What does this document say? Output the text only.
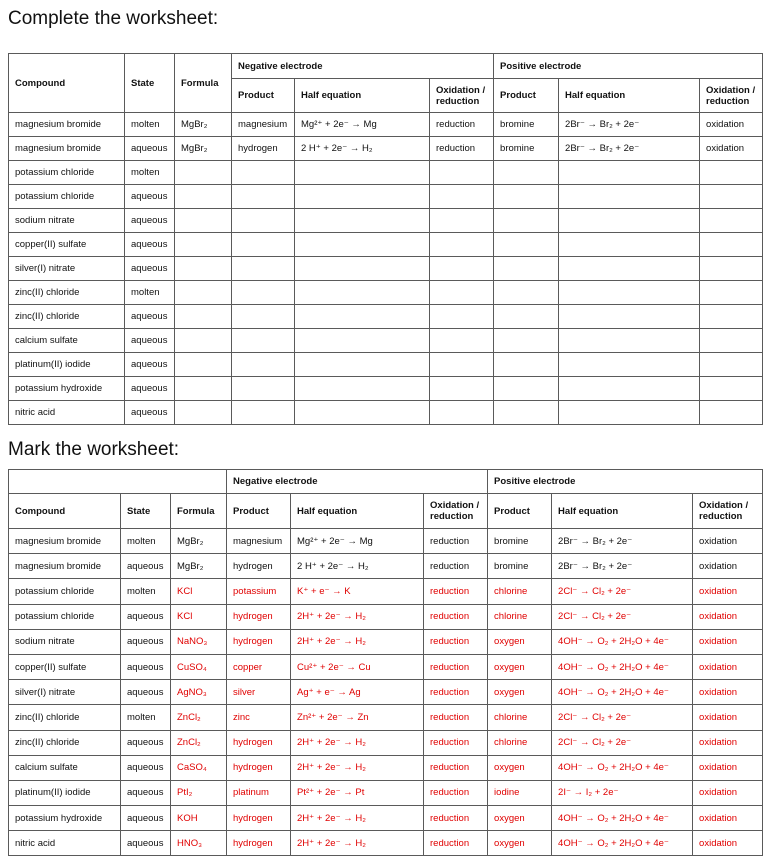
Complete the worksheet:
Compound	State	Formula	Negative electrode			Positive electrode		
			Product	Half equation	Oxidation / reduction	Product	Half equation	Oxidation / reduction
magnesium bromide	molten	MgBr₂	magnesium	Mg²⁺ + 2e⁻ → Mg	reduction	bromine	2Br⁻ → Br₂ + 2e⁻	oxidation
magnesium bromide	aqueous	MgBr₂	hydrogen	2 H⁺ + 2e⁻ → H₂	reduction	bromine	2Br⁻ → Br₂ + 2e⁻	oxidation
potassium chloride	molten							
potassium chloride	aqueous							
sodium nitrate	aqueous							
copper(II) sulfate	aqueous							
silver(I) nitrate	aqueous							
zinc(II) chloride	molten							
zinc(II) chloride	aqueous							
calcium sulfate	aqueous							
platinum(II) iodide	aqueous							
potassium hydroxide	aqueous							
nitric acid	aqueous							
Mark the worksheet:
			Negative electrode			Positive electrode		
Compound	State	Formula	Product	Half equation	Oxidation / reduction	Product	Half equation	Oxidation / reduction
magnesium bromide	molten	MgBr₂	magnesium	Mg²⁺ + 2e⁻ → Mg	reduction	bromine	2Br⁻ → Br₂ + 2e⁻	oxidation
magnesium bromide	aqueous	MgBr₂	hydrogen	2 H⁺ + 2e⁻ → H₂	reduction	bromine	2Br⁻ → Br₂ + 2e⁻	oxidation
potassium chloride	molten	KCl	potassium	K⁺ + e⁻ → K	reduction	chlorine	2Cl⁻ → Cl₂ + 2e⁻	oxidation
potassium chloride	aqueous	KCl	hydrogen	2H⁺ + 2e⁻ → H₂	reduction	chlorine	2Cl⁻ → Cl₂ + 2e⁻	oxidation
sodium nitrate	aqueous	NaNO₃	hydrogen	2H⁺ + 2e⁻ → H₂	reduction	oxygen	4OH⁻ → O₂ + 2H₂O + 4e⁻	oxidation
copper(II) sulfate	aqueous	CuSO₄	copper	Cu²⁺ + 2e⁻ → Cu	reduction	oxygen	4OH⁻ → O₂ + 2H₂O + 4e⁻	oxidation
silver(I) nitrate	aqueous	AgNO₃	silver	Ag⁺ + e⁻ → Ag	reduction	oxygen	4OH⁻ → O₂ + 2H₂O + 4e⁻	oxidation
zinc(II) chloride	molten	ZnCl₂	zinc	Zn²⁺ + 2e⁻ → Zn	reduction	chlorine	2Cl⁻ → Cl₂ + 2e⁻	oxidation
zinc(II) chloride	aqueous	ZnCl₂	hydrogen	2H⁺ + 2e⁻ → H₂	reduction	chlorine	2Cl⁻ → Cl₂ + 2e⁻	oxidation
calcium sulfate	aqueous	CaSO₄	hydrogen	2H⁺ + 2e⁻ → H₂	reduction	oxygen	4OH⁻ → O₂ + 2H₂O + 4e⁻	oxidation
platinum(II) iodide	aqueous	PtI₂	platinum	Pt²⁺ + 2e⁻ → Pt	reduction	iodine	2I⁻ → I₂ + 2e⁻	oxidation
potassium hydroxide	aqueous	KOH	hydrogen	2H⁺ + 2e⁻ → H₂	reduction	oxygen	4OH⁻ → O₂ + 2H₂O + 4e⁻	oxidation
nitric acid	aqueous	HNO₃	hydrogen	2H⁺ + 2e⁻ → H₂	reduction	oxygen	4OH⁻ → O₂ + 2H₂O + 4e⁻	oxidation
